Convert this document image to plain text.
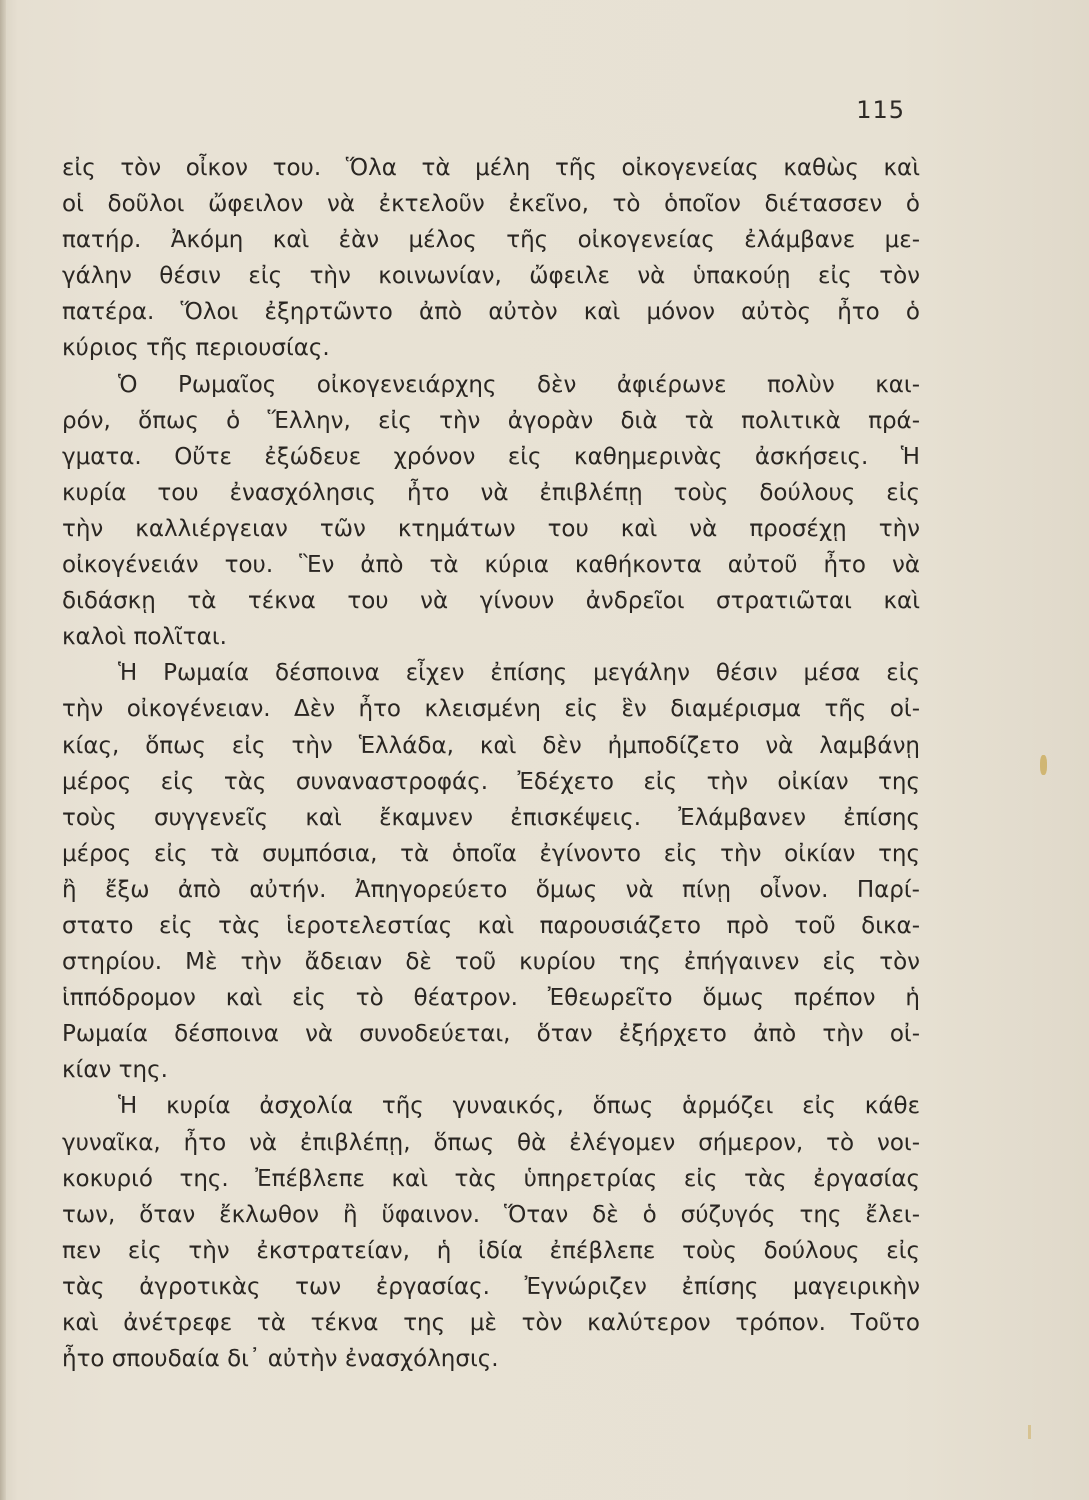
115
εἰς τὸν οἶκον του. Ὅλα τὰ μέλη τῆς οἰκογενείας καθὼς καὶ
οἱ δοῦλοι ὤφειλον νὰ ἐκτελοῦν ἐκεῖνο, τὸ ὁποῖον διέτασσεν ὁ
πατήρ. Ἀκόμη καὶ ἐὰν μέλος τῆς οἰκογενείας ἐλάμβανε με-
γάλην θέσιν εἰς τὴν κοινωνίαν, ὤφειλε νὰ ὑπακούῃ εἰς τὸν
πατέρα. Ὅλοι ἐξηρτῶντο ἀπὸ αὐτὸν καὶ μόνον αὐτὸς ἦτο ὁ
κύριος τῆς περιουσίας.
Ὁ Ρωμαῖος οἰκογενειάρχης δὲν ἀφιέρωνε πολὺν και-
ρόν, ὅπως ὁ Ἕλλην, εἰς τὴν ἀγορὰν διὰ τὰ πολιτικὰ πρά-
γματα. Οὔτε ἐξώδευε χρόνον εἰς καθημερινὰς ἀσκήσεις. Ἡ
κυρία του ἐνασχόλησις ἦτο νὰ ἐπιβλέπῃ τοὺς δούλους εἰς
τὴν καλλιέργειαν τῶν κτημάτων του καὶ νὰ προσέχῃ τὴν
οἰκογένειάν του. Ἓν ἀπὸ τὰ κύρια καθήκοντα αὐτοῦ ἦτο νὰ
διδάσκῃ τὰ τέκνα του νὰ γίνουν ἀνδρεῖοι στρατιῶται καὶ
καλοὶ πολῖται.
Ἡ Ρωμαία δέσποινα εἶχεν ἐπίσης μεγάλην θέσιν μέσα εἰς
τὴν οἰκογένειαν. Δὲν ἦτο κλεισμένη εἰς ἓν διαμέρισμα τῆς οἰ-
κίας, ὅπως εἰς τὴν Ἑλλάδα, καὶ δὲν ἠμποδίζετο νὰ λαμβάνῃ
μέρος εἰς τὰς συναναστροφάς. Ἐδέχετο εἰς τὴν οἰκίαν της
τοὺς συγγενεῖς καὶ ἔκαμνεν ἐπισκέψεις. Ἐλάμβανεν ἐπίσης
μέρος εἰς τὰ συμπόσια, τὰ ὁποῖα ἐγίνοντο εἰς τὴν οἰκίαν της
ἢ ἔξω ἀπὸ αὐτήν. Ἀπηγορεύετο ὅμως νὰ πίνῃ οἶνον. Παρί-
στατο εἰς τὰς ἱεροτελεστίας καὶ παρουσιάζετο πρὸ τοῦ δικα-
στηρίου. Μὲ τὴν ἄδειαν δὲ τοῦ κυρίου της ἐπήγαινεν εἰς τὸν
ἱππόδρομον καὶ εἰς τὸ θέατρον. Ἐθεωρεῖτο ὅμως πρέπον ἡ
Ρωμαία δέσποινα νὰ συνοδεύεται, ὅταν ἐξήρχετο ἀπὸ τὴν οἰ-
κίαν της.
Ἡ κυρία ἀσχολία τῆς γυναικός, ὅπως ἁρμόζει εἰς κάθε
γυναῖκα, ἦτο νὰ ἐπιβλέπῃ, ὅπως θὰ ἐλέγομεν σήμερον, τὸ νοι-
κοκυριό της. Ἐπέβλεπε καὶ τὰς ὑπηρετρίας εἰς τὰς ἐργασίας
των, ὅταν ἔκλωθον ἢ ὕφαινον. Ὅταν δὲ ὁ σύζυγός της ἔλει-
πεν εἰς τὴν ἐκστρατείαν, ἡ ἰδία ἐπέβλεπε τοὺς δούλους εἰς
τὰς ἀγροτικὰς των ἐργασίας. Ἐγνώριζεν ἐπίσης μαγειρικὴν
καὶ ἀνέτρεφε τὰ τέκνα της μὲ τὸν καλύτερον τρόπον. Τοῦτο
ἦτο σπουδαία δι᾽ αὐτὴν ἐνασχόλησις.
